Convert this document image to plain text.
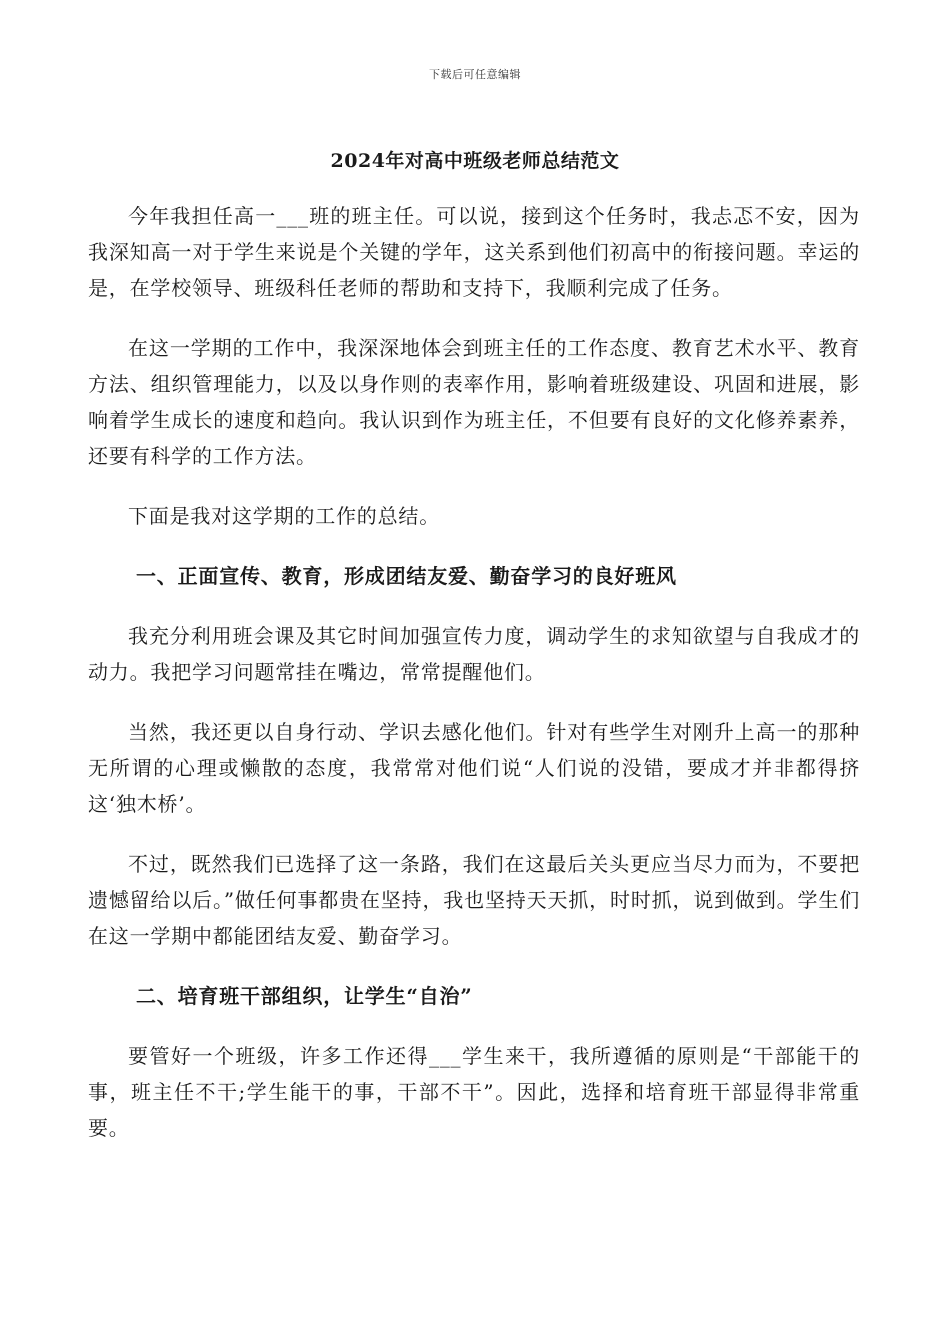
下载后可任意编辑
2024年对高中班级老师总结范文

今年我担任高一___班的班主任。可以说，接到这个任务时，我忐忑不安，因为我深知高一对于学生来说是个关键的学年，这关系到他们初高中的衔接问题。幸运的是，在学校领导、班级科任老师的帮助和支持下，我顺利完成了任务。

在这一学期的工作中，我深深地体会到班主任的工作态度、教育艺术水平、教育方法、组织管理能力，以及以身作则的表率作用，影响着班级建设、巩固和进展，影响着学生成长的速度和趋向。我认识到作为班主任，不但要有良好的文化修养素养，还要有科学的工作方法。

下面是我对这学期的工作的总结。

一、正面宣传、教育，形成团结友爱、勤奋学习的良好班风

我充分利用班会课及其它时间加强宣传力度，调动学生的求知欲望与自我成才的动力。我把学习问题常挂在嘴边，常常提醒他们。

当然，我还更以自身行动、学识去感化他们。针对有些学生对刚升上高一的那种无所谓的心理或懒散的态度，我常常对他们说“人们说的没错，要成才并非都得挤这‘独木桥’。

不过，既然我们已选择了这一条路，我们在这最后关头更应当尽力而为，不要把遗憾留给以后。”做任何事都贵在坚持，我也坚持天天抓，时时抓，说到做到。学生们在这一学期中都能团结友爱、勤奋学习。

二、培育班干部组织，让学生“自治”

要管好一个班级，许多工作还得___学生来干，我所遵循的原则是“干部能干的事，班主任不干;学生能干的事，干部不干”。因此，选择和培育班干部显得非常重要。
